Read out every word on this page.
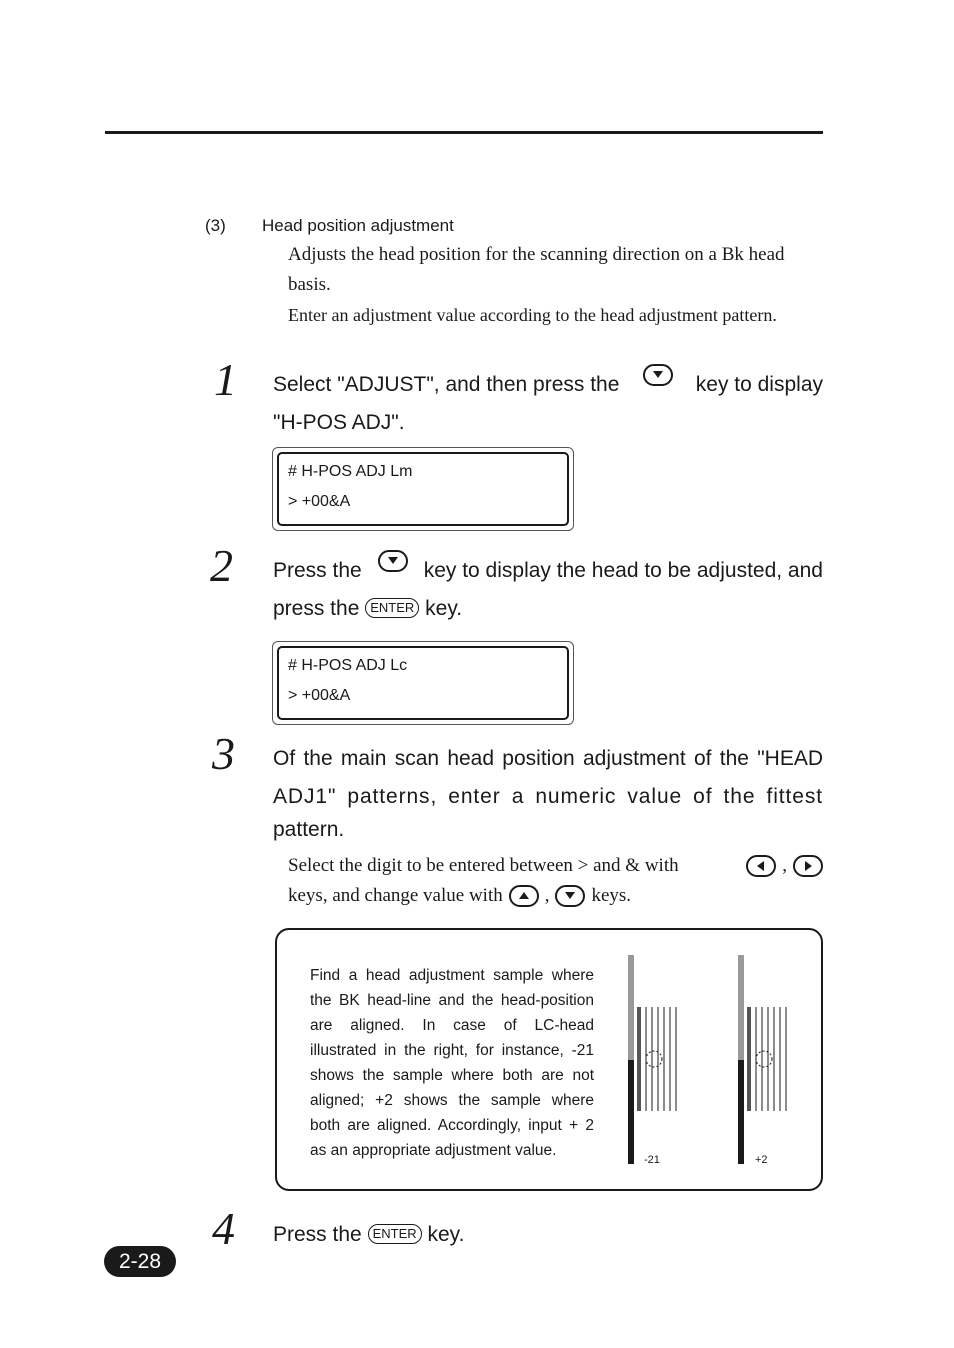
(3) Head position adjustment

Adjusts the head position for the scanning direction on a Bk head

basis.

Enter an adjustment value according to the head adjustment pattern.

1 Select "ADJUST", and then press the	key to display
"H-POS ADJ".
# H-POS ADJ Lm
> +00&A
2 Press the	key to display the head to be adjusted, and
press the ENTER key.
# H-POS ADJ Lc
> +00&A
3 Of the main scan head position adjustment of the "HEAD
ADJ1" patterns, enter a numeric value of the fittest
pattern.
Select the digit to be entered between > and & with	,
keys, and change value with , keys.
Find a head adjustment sample where the BK head-line and the head-position are aligned. In case of LC-head illustrated in the right, for instance, -21 shows the sample where both are not aligned; +2 shows the sample where both are aligned. Accordingly, input + 2 as an appropriate adjustment value.
-21	+2
4 Press the ENTER key.
2-28
